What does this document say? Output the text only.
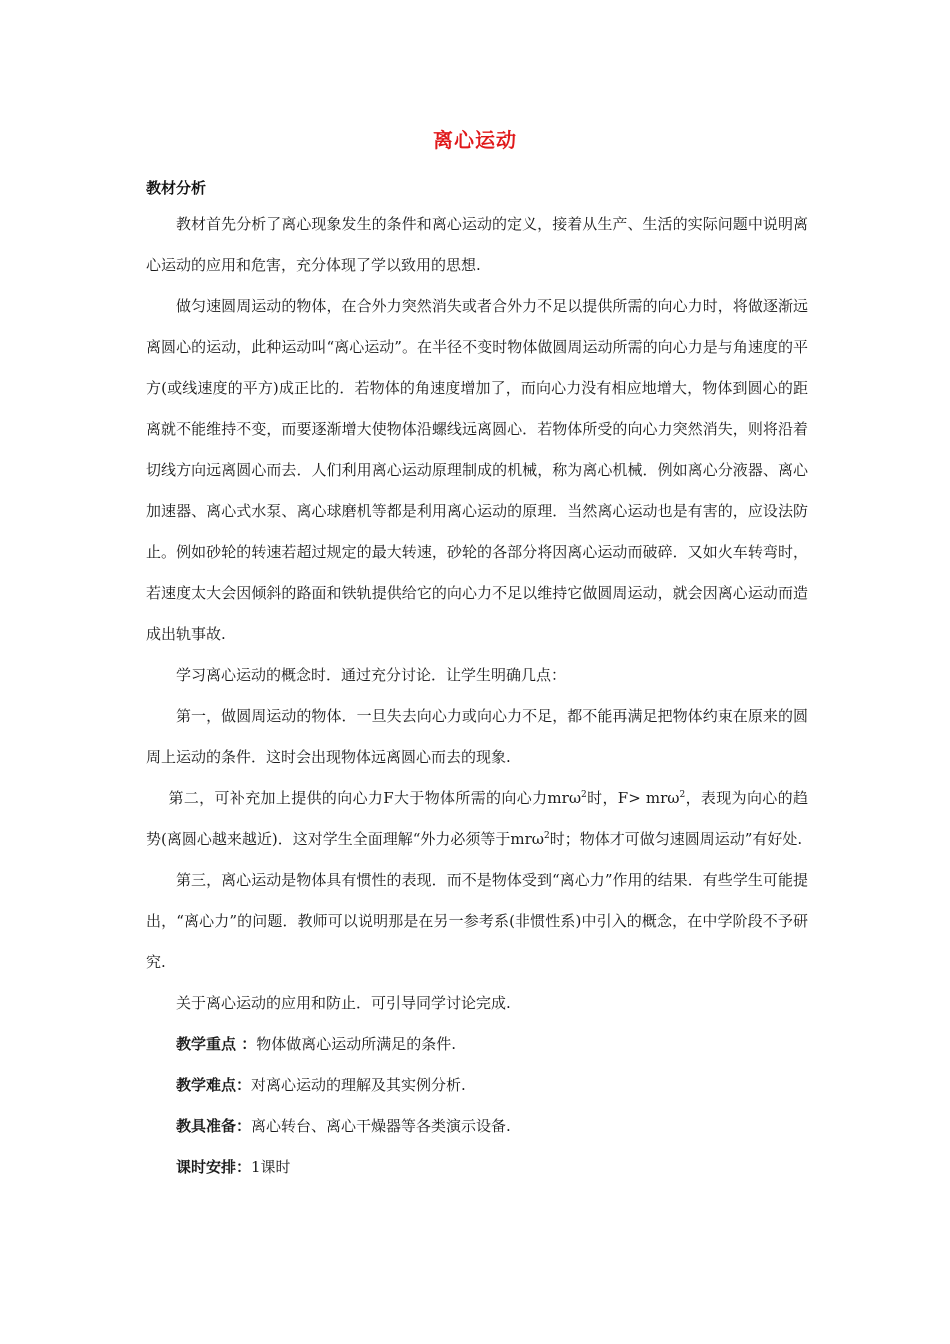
离心运动
教材分析

教材首先分析了离心现象发生的条件和离心运动的定义，接着从生产、生活的实际问题中说明离心运动的应用和危害，充分体现了学以致用的思想.

做匀速圆周运动的物体，在合外力突然消失或者合外力不足以提供所需的向心力时，将做逐渐远离圆心的运动，此种运动叫“离心运动”。在半径不变时物体做圆周运动所需的向心力是与角速度的平方(或线速度的平方)成正比的．若物体的角速度增加了，而向心力没有相应地增大，物体到圆心的距离就不能维持不变，而要逐渐增大使物体沿螺线远离圆心．若物体所受的向心力突然消失，则将沿着切线方向远离圆心而去．人们利用离心运动原理制成的机械，称为离心机械．例如离心分液器、离心加速器、离心式水泵、离心球磨机等都是利用离心运动的原理．当然离心运动也是有害的，应设法防止。例如砂轮的转速若超过规定的最大转速，砂轮的各部分将因离心运动而破碎．又如火车转弯时，若速度太大会因倾斜的路面和铁轨提供给它的向心力不足以维持它做圆周运动，就会因离心运动而造成出轨事故.

学习离心运动的概念时．通过充分讨论．让学生明确几点：

第一，做圆周运动的物体．一旦失去向心力或向心力不足，都不能再满足把物体约束在原来的圆周上运动的条件．这时会出现物体远离圆心而去的现象.

第二，可补充加上提供的向心力F大于物体所需的向心力mrω$^2$时，F> mrω$^2$，表现为向心的趋势(离圆心越来越近)．这对学生全面理解“外力必须等于mrω$^2$时；物体才可做匀速圆周运动”有好处.

第三，离心运动是物体具有惯性的表现．而不是物体受到“离心力”作用的结果．有些学生可能提出，“离心力”的问题．教师可以说明那是在另一参考系(非惯性系)中引入的概念，在中学阶段不予研究.

关于离心运动的应用和防止．可引导同学讨论完成.

教学重点 ：物体做离心运动所满足的条件.

教学难点：对离心运动的理解及其实例分析.

教具准备：离心转台、离心干燥器等各类演示设备.

课时安排：1课时
